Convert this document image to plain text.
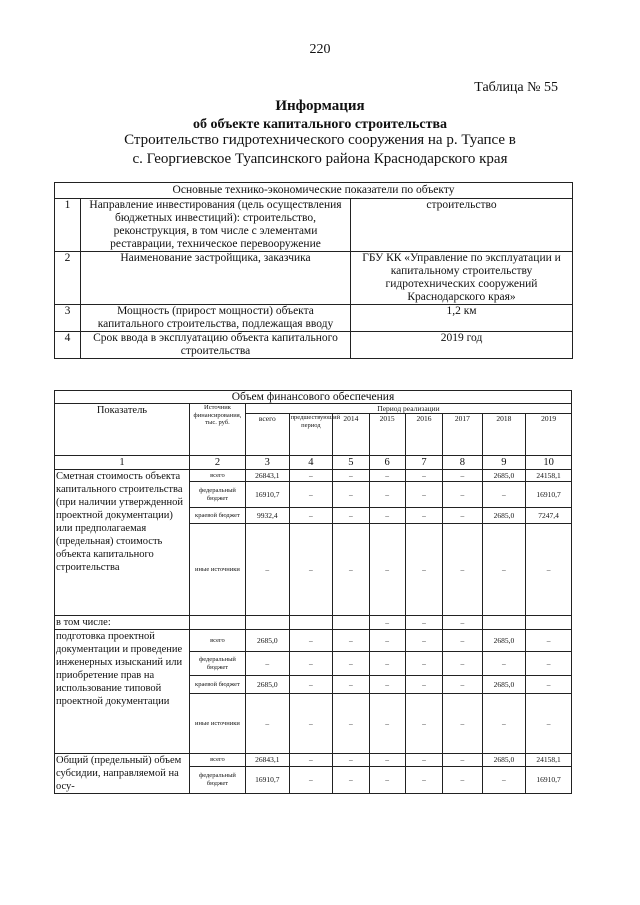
220
Таблица № 55
Информация
об объекте капитального строительства
Строительство гидротехнического сооружения на р. Туапсе в
с. Георгиевское Туапсинского района Краснодарского края
Основные технико-экономические показатели по объекту		
1	Направление инвестирования (цель осуществления бюджетных инвестиций): строительство, реконструкция, в том числе с элементами реставрации, техническое перевооружение	строительство
2	Наименование застройщика, заказчика	ГБУ КК «Управление по эксплуатации и капитальному строительству гидротехнических сооружений Краснодарского края»
3	Мощность (прирост мощности) объекта капитального строительства, подлежащая вводу	1,2 км
4	Срок ввода в эксплуатацию объекта капитального строительства	2019 год
Объем финансового обеспечения									
Показатель	Источник финансирования, тыс. руб.	Период реализации							
		всего	предшествующий период	2014	2015	2016	2017	2018	2019
1	2	3	4	5	6	7	8	9	10
Сметная стоимость объекта капитального строительства (при наличии утвержденной проектной документации) или предполагаемая (предельная) стоимость объекта капитального строительства	всего	26843,1	–	–	–	–	–	2685,0	24158,1
	федеральный бюджет	16910,7	–	–	–	–	–	–	16910,7
	краевой бюджет	9932,4	–	–	–	–	–	2685,0	7247,4
	иные источники	–	–	–	–	–	–	–	–
в том числе:					–	–	–		
подготовка проектной документации и проведение инженерных изысканий или приобретение прав на использование типовой проектной документации	всего	2685,0	–	–	–	–	–	2685,0	–
	федеральный бюджет	–	–	–	–	–	–	–	–
	краевой бюджет	2685,0	–	–	–	–	–	2685,0	–
	иные источники	–	–	–	–	–	–	–	–
Общий (предельный) объем субсидии, направляемой на осу-	всего	26843,1	–	–	–	–	–	2685,0	24158,1
	федеральный бюджет	16910,7	–	–	–	–	–	–	16910,7
